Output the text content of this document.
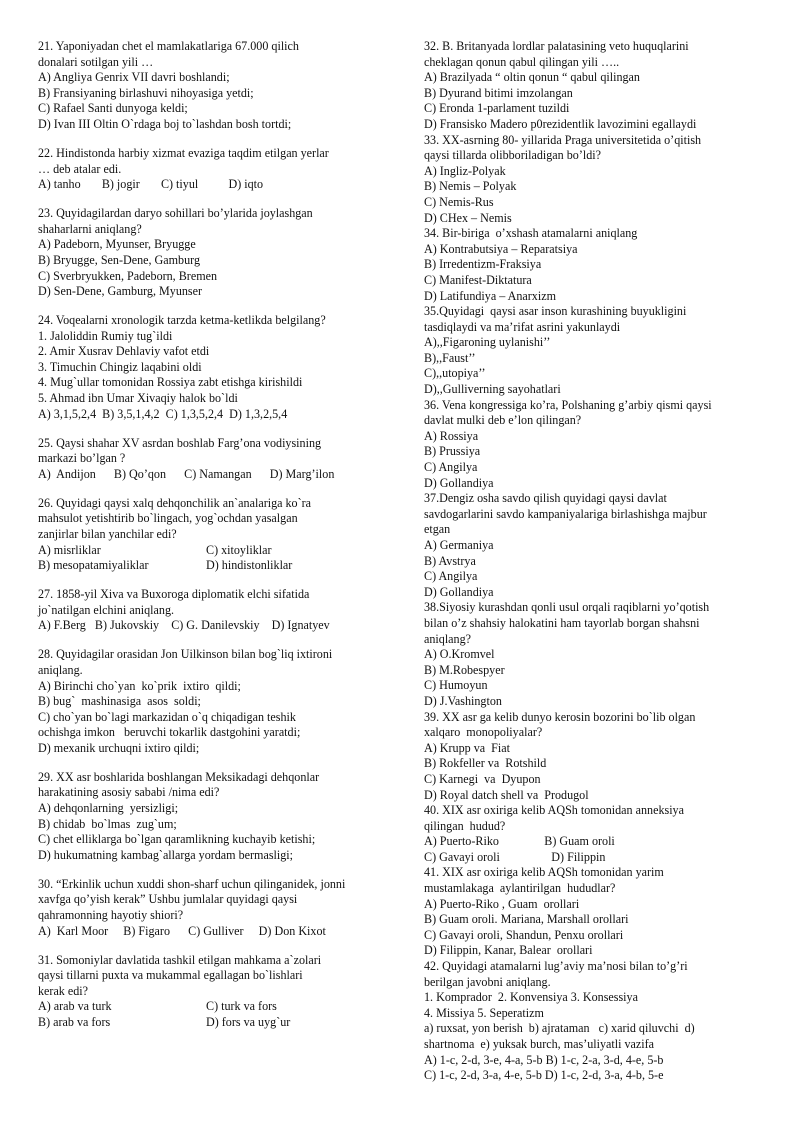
21. Yaponiyadan chet el mamlakatlariga 67.000 qilich
donalari sotilgan yili …
A) Angliya Genrix VII davri boshlandi;
B) Fransiyaning birlashuvi nihoyasiga yetdi;
C) Rafael Santi dunyoga keldi;
D) Ivan III Oltin O`rdaga boj to`lashdan bosh tortdi;
22. Hindistonda harbiy xizmat evaziga taqdim etilgan yerlar
… deb atalar edi.
A) tanho       B) jogir       C) tiyul          D) iqto
23. Quyidagilardan daryo sohillari bo’ylarida joylashgan
shaharlarni aniqlang?
A) Padeborn, Myunser, Bryugge
B) Bryugge, Sen-Dene, Gamburg
C) Sverbryukken, Padeborn, Bremen
D) Sen-Dene, Gamburg, Myunser
24. Voqealarni xronologik tarzda ketma-ketlikda belgilang?
1. Jaloliddin Rumiy tug`ildi
2. Amir Xusrav Dehlaviy vafot etdi
3. Timuchin Chingiz laqabini oldi
4. Mug`ullar tomonidan Rossiya zabt etishga kirishildi
5. Ahmad ibn Umar Xivaqiy halok bo`ldi
A) 3,1,5,2,4  B) 3,5,1,4,2  C) 1,3,5,2,4  D) 1,3,2,5,4
25. Qaysi shahar XV asrdan boshlab Farg’ona vodiysining
markazi bo’lgan ?
A)  Andijon      B) Qo’qon      C) Namangan      D) Marg’ilon
26. Quyidagi qaysi xalq dehqonchilik an`analariga ko`ra
mahsulot yetishtirib bo`lingach, yog`ochdan yasalgan
zanjirlar bilan yanchilar edi?
A) misrliklar	C) xitoyliklar
B) mesopatamiyaliklar	D) hindistonliklar
27. 1858-yil Xiva va Buxoroga diplomatik elchi sifatida
jo`natilgan elchini aniqlang.
A) F.Berg   B) Jukovskiy    C) G. Danilevskiy    D) Ignatyev
28. Quyidagilar orasidan Jon Uilkinson bilan bog`liq ixtironi
aniqlang.
A) Birinchi cho`yan  ko`prik  ixtiro  qildi;
B) bug`  mashinasiga  asos  soldi;
C) cho`yan bo`lagi markazidan o`q chiqadigan teshik
ochishga imkon   beruvchi tokarlik dastgohini yaratdi;
D) mexanik urchuqni ixtiro qildi;
29. XX asr boshlarida boshlangan Meksikadagi dehqonlar
harakatining asosiy sababi /nima edi?
A) dehqonlarning  yersizligi;
B) chidab  bo`lmas  zug`um;
C) chet elliklarga bo`lgan qaramlikning kuchayib ketishi;
D) hukumatning kambag`allarga yordam bermasligi;
30. “Erkinlik uchun xuddi shon-sharf uchun qilinganidek, jonni
xavfga qo’yish kerak” Ushbu jumlalar quyidagi qaysi
qahramonning hayotiy shiori?
A)  Karl Moor     B) Figaro      C) Gulliver     D) Don Kixot
31. Somoniylar davlatida tashkil etilgan mahkama a`zolari
qaysi tillarni puxta va mukammal egallagan bo`lishlari
kerak edi?
A) arab va turk	C) turk va fors
B) arab va fors	D) fors va uyg`ur
32. B. Britanyada lordlar palatasining veto huquqlarini
cheklagan qonun qabul qilingan yili …..
A) Brazilyada “ oltin qonun “ qabul qilingan
B) Dyurand bitimi imzolangan
C) Eronda 1-parlament tuzildi
D) Fransisko Madero p0rezidentlik lavozimini egallaydi
33. XX-asrning 80- yillarida Praga universitetida o’qitish
qaysi tillarda olibboriladigan bo’ldi?
A) Ingliz-Polyak
B) Nemis – Polyak
C) Nemis-Rus
D) CHex – Nemis
34. Bir-biriga  o’xshash atamalarni aniqlang
A) Kontrabutsiya – Reparatsiya
B) Irredentizm-Fraksiya
C) Manifest-Diktatura
D) Latifundiya – Anarxizm
35.Quyidagi  qaysi asar inson kurashining buyukligini
tasdiqlaydi va ma’rifat asrini yakunlaydi
A),,Figaroning uylanishi’’
B),,Faust’’
C),,utopiya’’
D),,Gulliverning sayohatlari
36. Vena kongressiga ko’ra, Polshaning g’arbiy qismi qaysi
davlat mulki deb e’lon qilingan?
A) Rossiya
B) Prussiya
C) Angilya
D) Gollandiya
37.Dengiz osha savdo qilish quyidagi qaysi davlat
savdogarlarini savdo kampaniyalariga birlashishga majbur
etgan
A) Germaniya
B) Avstrya
C) Angilya
D) Gollandiya
38.Siyosiy kurashdan qonli usul orqali raqiblarni yo’qotish
bilan o’z shahsiy halokatini ham tayorlab borgan shahsni
aniqlang?
A) O.Kromvel
B) M.Robespyer
C) Humoyun
D) J.Vashington
39. XX asr ga kelib dunyo kerosin bozorini bo`lib olgan
xalqaro  monopoliyalar?
A) Krupp va  Fiat
B) Rokfeller va  Rotshild
C) Karnegi  va  Dyupon
D) Royal datch shell va  Produgol
40. XIX asr oxiriga kelib AQSh tomonidan anneksiya
qilingan  hudud?
A) Puerto-Riko               B) Guam oroli
C) Gavayi oroli                 D) Filippin
41. XIX asr oxiriga kelib AQSh tomonidan yarim
mustamlakaga  aylantirilgan  hududlar?
A) Puerto-Riko , Guam  orollari
B) Guam oroli. Mariana, Marshall orollari
C) Gavayi oroli, Shandun, Penxu orollari
D) Filippin, Kanar, Balear  orollari
42. Quyidagi atamalarni lug’aviy ma’nosi bilan to’g’ri
berilgan javobni aniqlang.
1. Komprador  2. Konvensiya 3. Konsessiya
4. Missiya 5. Seperatizm
a) ruxsat, yon berish  b) ajrataman   c) xarid qiluvchi  d)
shartnoma  e) yuksak burch, mas’uliyatli vazifa
A) 1-c, 2-d, 3-e, 4-a, 5-b B) 1-c, 2-a, 3-d, 4-e, 5-b
C) 1-c, 2-d, 3-a, 4-e, 5-b D) 1-c, 2-d, 3-a, 4-b, 5-e
